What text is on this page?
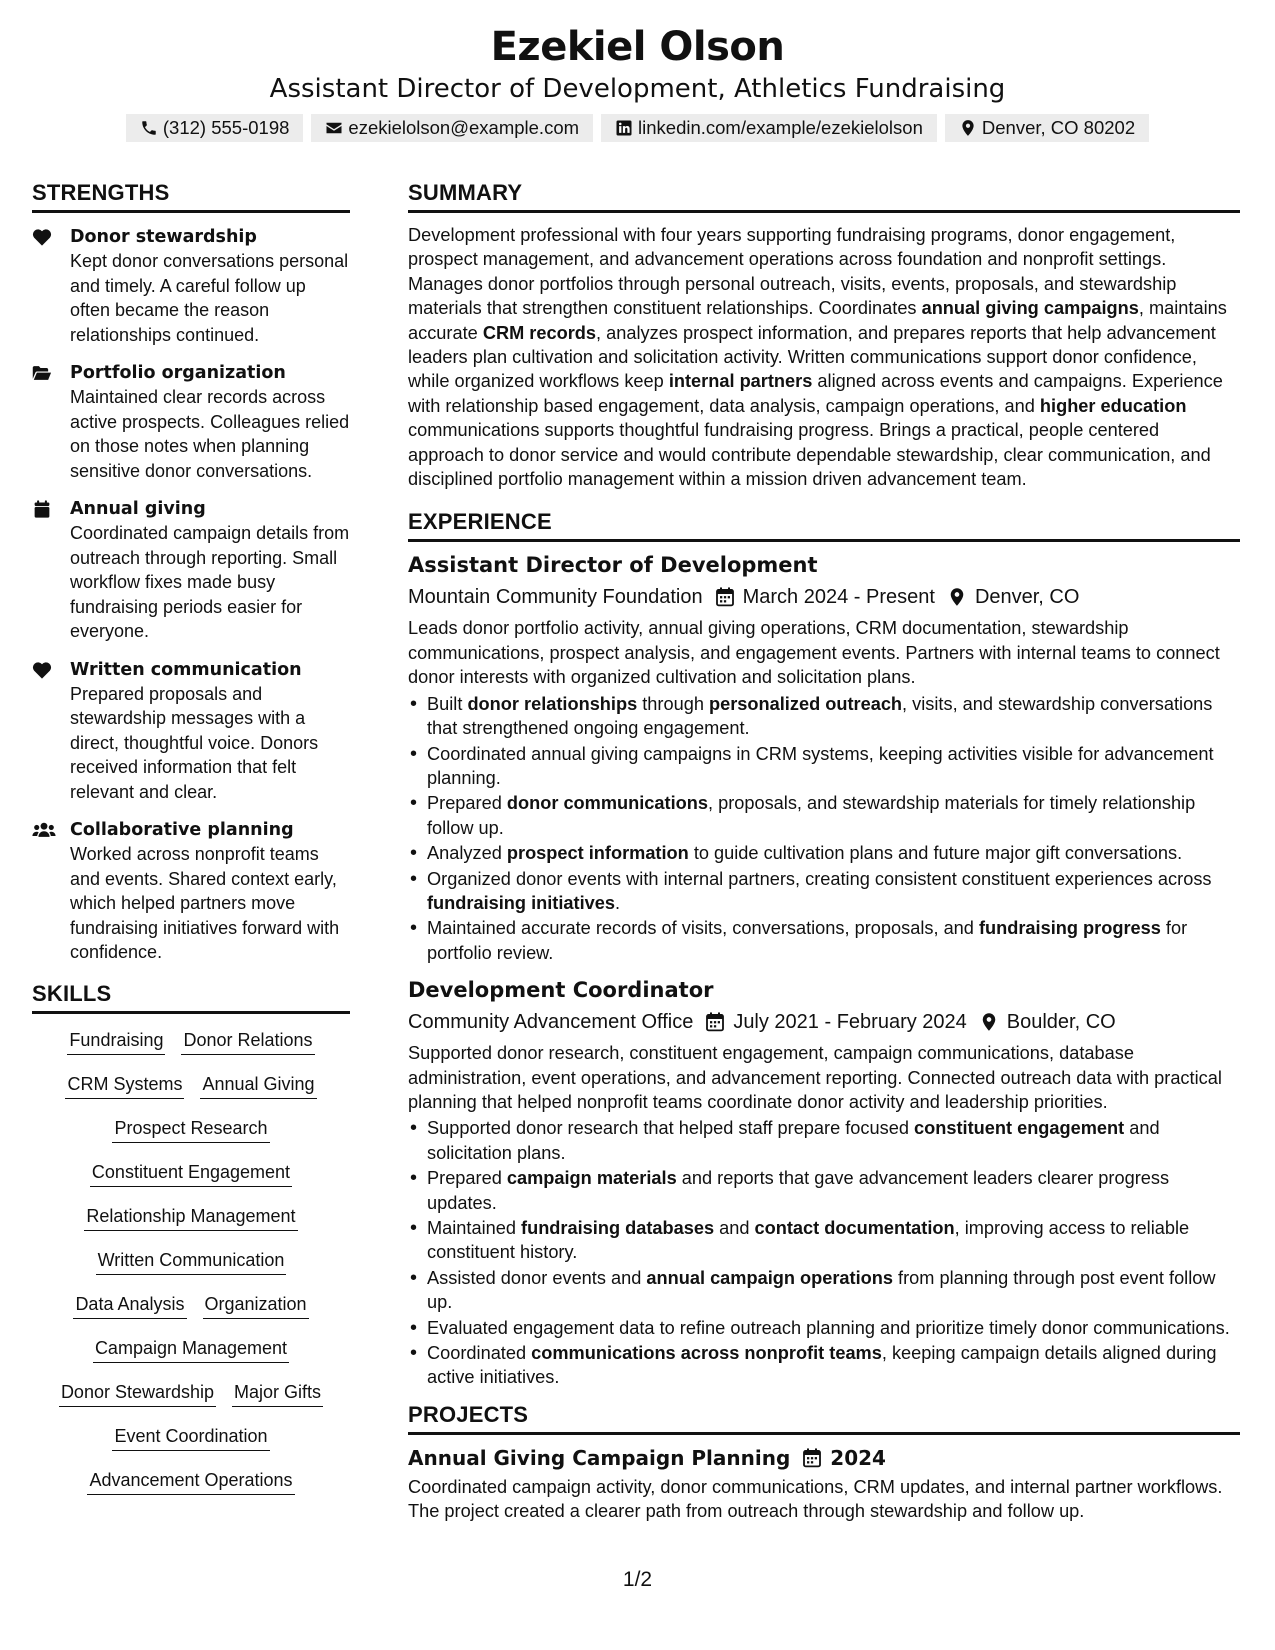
Ezekiel Olson
Assistant Director of Development, Athletics Fundraising
(312) 555-0198	ezekielolson@example.com	linkedin.com/example/ezekielolson	Denver, CO 80202
STRENGTHS
Donor stewardship
Kept donor conversations personal and timely. A careful follow up often became the reason relationships continued.
Portfolio organization
Maintained clear records across active prospects. Colleagues relied on those notes when planning sensitive donor conversations.
Annual giving
Coordinated campaign details from outreach through reporting. Small workflow fixes made busy fundraising periods easier for everyone.
Written communication
Prepared proposals and stewardship messages with a direct, thoughtful voice. Donors received information that felt relevant and clear.
Collaborative planning
Worked across nonprofit teams and events. Shared context early, which helped partners move fundraising initiatives forward with confidence.
SKILLS
Fundraising Donor Relations
CRM Systems Annual Giving
Prospect Research
Constituent Engagement
Relationship Management
Written Communication
Data Analysis Organization
Campaign Management
Donor Stewardship Major Gifts
Event Coordination
Advancement Operations
SUMMARY

Development professional with four years supporting fundraising programs, donor engagement, prospect management, and advancement operations across foundation and nonprofit settings. Manages donor portfolios through personal outreach, visits, events, proposals, and stewardship materials that strengthen constituent relationships. Coordinates annual giving campaigns, maintains accurate CRM records, analyzes prospect information, and prepares reports that help advancement leaders plan cultivation and solicitation activity. Written communications support donor confidence, while organized workflows keep internal partners aligned across events and campaigns. Experience with relationship based engagement, data analysis, campaign operations, and higher education communications supports thoughtful fundraising progress. Brings a practical, people centered approach to donor service and would contribute dependable stewardship, clear communication, and disciplined portfolio management within a mission driven advancement team.

EXPERIENCE
Assistant Director of Development
Mountain Community Foundation March 2024 - Present Denver, CO
Leads donor portfolio activity, annual giving operations, CRM documentation, stewardship communications, prospect analysis, and engagement events. Partners with internal teams to connect donor interests with organized cultivation and solicitation plans.
• Built donor relationships through personalized outreach, visits, and stewardship conversations that strengthened ongoing engagement.
• Coordinated annual giving campaigns in CRM systems, keeping activities visible for advancement planning.
• Prepared donor communications, proposals, and stewardship materials for timely relationship follow up.
• Analyzed prospect information to guide cultivation plans and future major gift conversations.
• Organized donor events with internal partners, creating consistent constituent experiences across fundraising initiatives.
• Maintained accurate records of visits, conversations, proposals, and fundraising progress for portfolio review.
Development Coordinator
Community Advancement Office July 2021 - February 2024 Boulder, CO
Supported donor research, constituent engagement, campaign communications, database administration, event operations, and advancement reporting. Connected outreach data with practical planning that helped nonprofit teams coordinate donor activity and leadership priorities.
• Supported donor research that helped staff prepare focused constituent engagement and solicitation plans.
• Prepared campaign materials and reports that gave advancement leaders clearer progress updates.
• Maintained fundraising databases and contact documentation, improving access to reliable constituent history.
• Assisted donor events and annual campaign operations from planning through post event follow up.
• Evaluated engagement data to refine outreach planning and prioritize timely donor communications.
• Coordinated communications across nonprofit teams, keeping campaign details aligned during active initiatives.
PROJECTS
Annual Giving Campaign Planning 2024
Coordinated campaign activity, donor communications, CRM updates, and internal partner workflows. The project created a clearer path from outreach through stewardship and follow up.
1/2
